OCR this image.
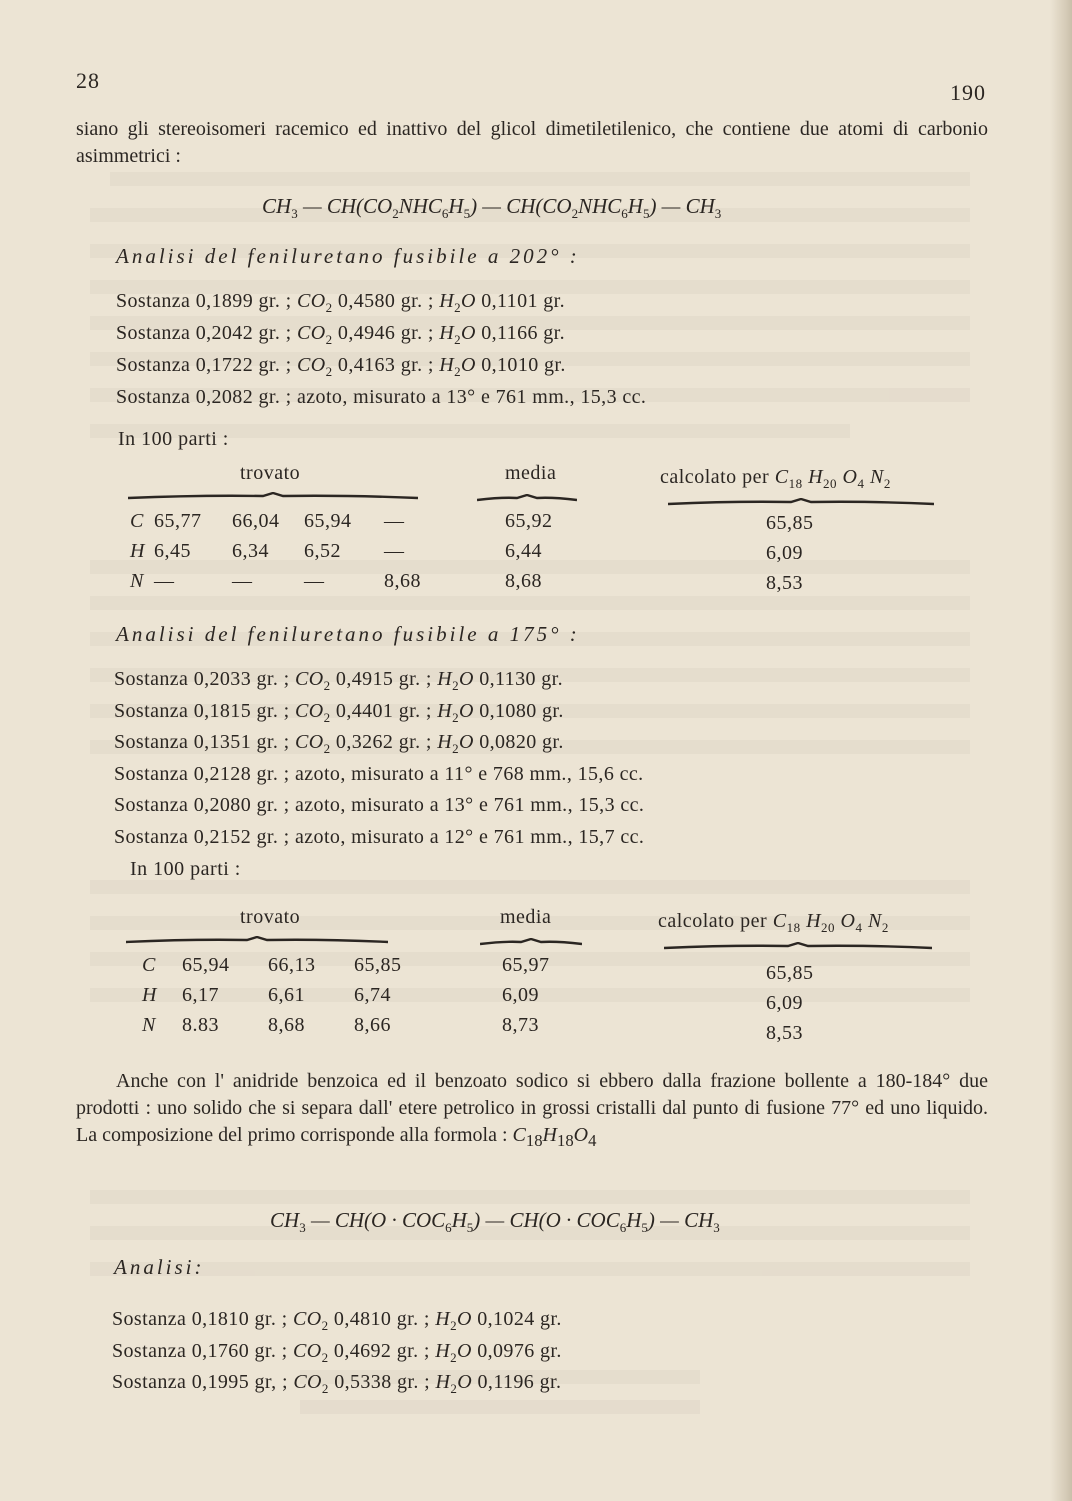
28	190
siano gli stereoisomeri racemico ed inattivo del glicol dimetiletilenico, che contiene due atomi di carbonio asimmetrici :
$CH_3$ — $CH(CO_2NHC_6H_5)$ — $CH(CO_2NHC_6H_5)$ — $CH_3$
Analisi del feniluretano fusibile a 202° :
Sostanza 0,1899 gr. ; $CO_2$ 0,4580 gr. ; $H_2O$ 0,1101 gr.
Sostanza 0,2042 gr. ; $CO_2$ 0,4946 gr. ; $H_2O$ 0,1166 gr.
Sostanza 0,1722 gr. ; $CO_2$ 0,4163 gr. ; $H_2O$ 0,1010 gr.
Sostanza 0,2082 gr. ; azoto, misurato a 13° e 761 mm., 15,3 cc.
In 100 parti :
trovato	media	calcolato per $C_{18}$ $H_{20}$ $O_4$ $N_2$
C 65,77 66,04 65,94 —	65,92	65,85
H 6,45 6,34 6,52 —	6,44	6,09
N —	—	—	8,68	8,68	8,53
Analisi del feniluretano fusibile a 175° :
Sostanza 0,2033 gr. ; $CO_2$ 0,4915 gr. ; $H_2O$ 0,1130 gr.
Sostanza 0,1815 gr. ; $CO_2$ 0,4401 gr. ; $H_2O$ 0,1080 gr.
Sostanza 0,1351 gr. ; $CO_2$ 0,3262 gr. ; $H_2O$ 0,0820 gr.
Sostanza 0,2128 gr. ; azoto, misurato a 11° e 768 mm., 15,6 cc.
Sostanza 0,2080 gr. ; azoto, misurato a 13° e 761 mm., 15,3 cc.
Sostanza 0,2152 gr. ; azoto, misurato a 12° e 761 mm., 15,7 cc.
In 100 parti :
trovato	media	calcolato per $C_{18}$ $H_{20}$ $O_4$ $N_2$
C 65,94 66,13 65,85	65,97	65,85
H 6,17 6,61 6,74	6,09	6,09
N 8.83 8,68 8,66	8,73	8,53
Anche con l' anidride benzoica ed il benzoato sodico si ebbero dalla frazione bollente a 180-184° due prodotti : uno solido che si separa dall' etere petrolico in grossi cristalli dal punto di fusione 77° ed uno liquido. La composizione del primo corrisponde alla formola : $C_{18}H_{18}O_4$
$CH_3$ — $CH(O \cdot COC_6H_5)$ — $CH(O \cdot COC_6H_5)$ — $CH_3$
Analisi:
Sostanza 0,1810 gr. ; $CO_2$ 0,4810 gr. ; $H_2O$ 0,1024 gr.
Sostanza 0,1760 gr. ; $CO_2$ 0,4692 gr. ; $H_2O$ 0,0976 gr.
Sostanza 0,1995 gr, ; $CO_2$ 0,5338 gr. ; $H_2O$ 0,1196 gr.
